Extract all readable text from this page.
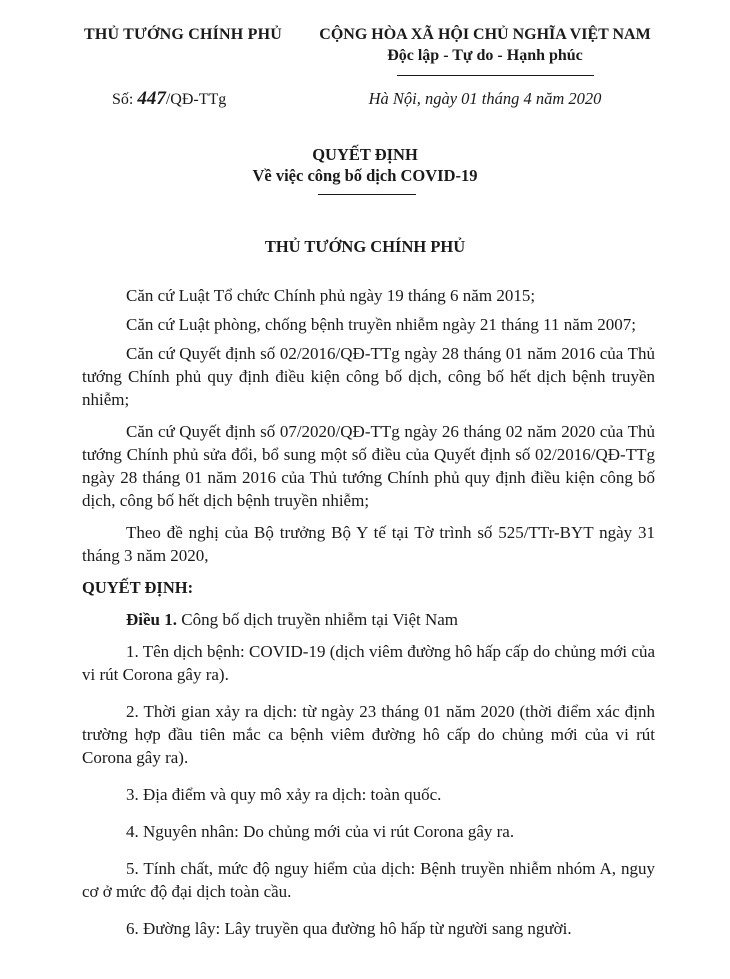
THỦ TƯỚNG CHÍNH PHỦ	CỘNG HÒA XÃ HỘI CHỦ NGHĨA VIỆT NAM
Độc lập - Tự do - Hạnh phúc
Số: 447/QĐ-TTg	Hà Nội, ngày 01 tháng 4 năm 2020
QUYẾT ĐỊNH
Về việc công bố dịch COVID-19
THỦ TƯỚNG CHÍNH PHỦ

Căn cứ Luật Tổ chức Chính phủ ngày 19 tháng 6 năm 2015;

Căn cứ Luật phòng, chống bệnh truyền nhiễm ngày 21 tháng 11 năm 2007;

Căn cứ Quyết định số 02/2016/QĐ-TTg ngày 28 tháng 01 năm 2016 của Thủ tướng Chính phủ quy định điều kiện công bố dịch, công bố hết dịch bệnh truyền nhiễm;

Căn cứ Quyết định số 07/2020/QĐ-TTg ngày 26 tháng 02 năm 2020 của Thủ tướng Chính phủ sửa đổi, bổ sung một số điều của Quyết định số 02/2016/QĐ-TTg ngày 28 tháng 01 năm 2016 của Thủ tướng Chính phủ quy định điều kiện công bố dịch, công bố hết dịch bệnh truyền nhiễm;

Theo đề nghị của Bộ trưởng Bộ Y tế tại Tờ trình số 525/TTr-BYT ngày 31 tháng 3 năm 2020,

QUYẾT ĐỊNH:

Điều 1. Công bố dịch truyền nhiễm tại Việt Nam

1. Tên dịch bệnh: COVID-19 (dịch viêm đường hô hấp cấp do chủng mới của vi rút Corona gây ra).

2. Thời gian xảy ra dịch: từ ngày 23 tháng 01 năm 2020 (thời điểm xác định trường hợp đầu tiên mắc ca bệnh viêm đường hô cấp do chủng mới của vi rút Corona gây ra).

3. Địa điểm và quy mô xảy ra dịch: toàn quốc.

4. Nguyên nhân: Do chủng mới của vi rút Corona gây ra.

5. Tính chất, mức độ nguy hiểm của dịch: Bệnh truyền nhiễm nhóm A, nguy cơ ở mức độ đại dịch toàn cầu.

6. Đường lây: Lây truyền qua đường hô hấp từ người sang người.
